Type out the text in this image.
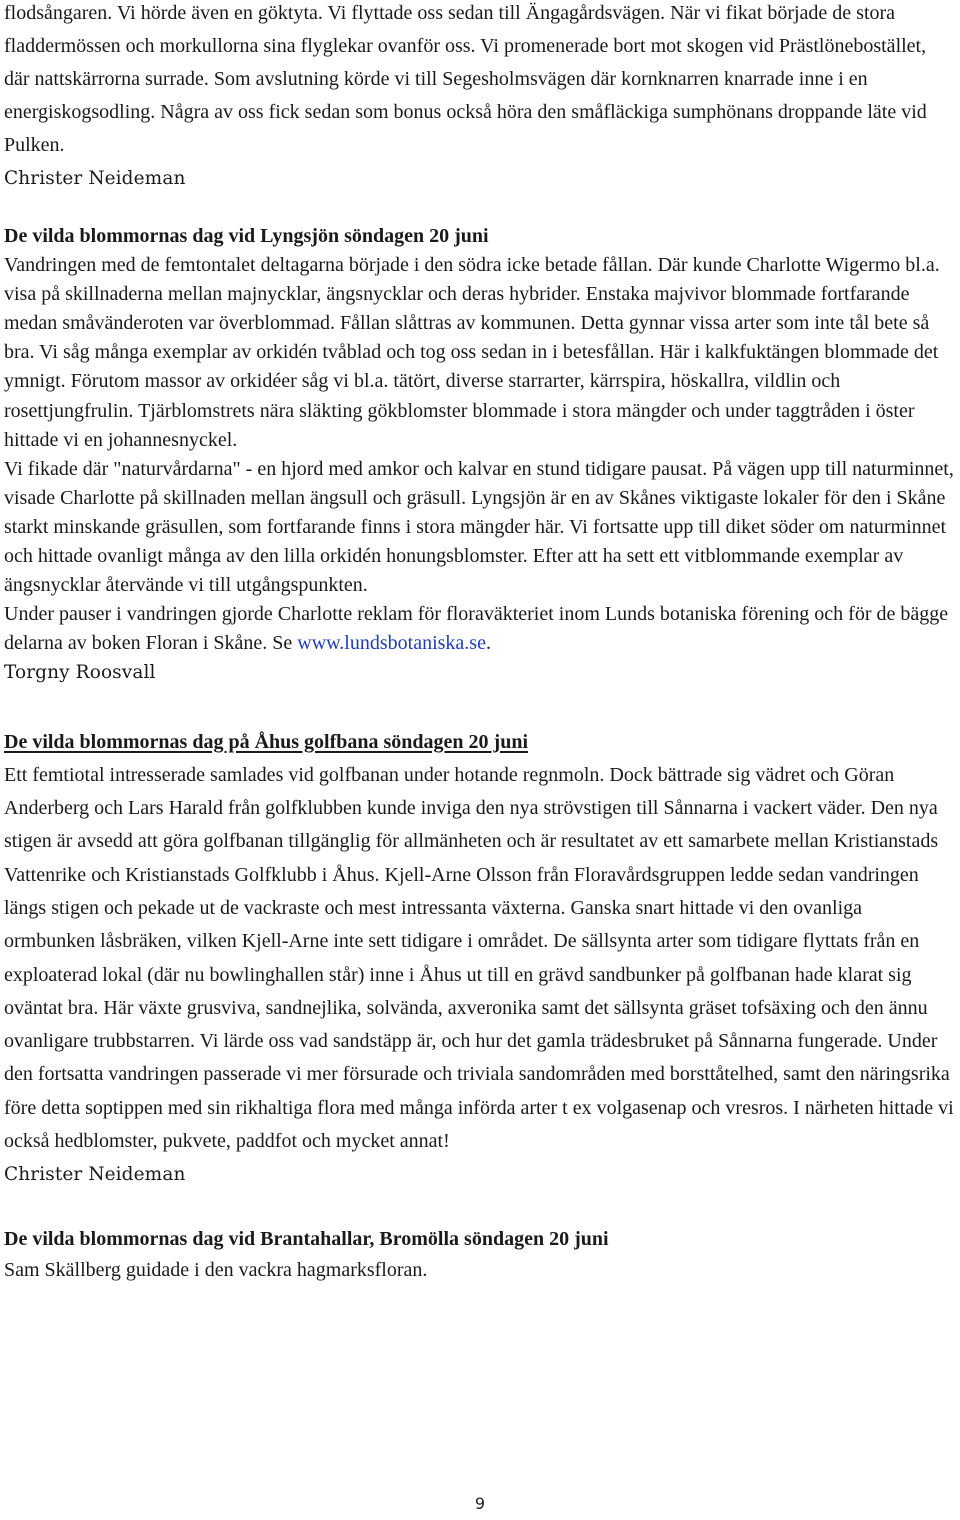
flodsångaren. Vi hörde även en göktyta. Vi flyttade oss sedan till Ängagårdsvägen. När vi fikat började de stora fladdermössen och morkullorna sina flyglekar ovanför oss. Vi promenerade bort mot skogen vid Prästlönebostället, där nattskärrorna surrade. Som avslutning körde vi till Segesholmsvägen där kornknarren knarrade inne i en energiskogsodling. Några av oss fick sedan som bonus också höra den småfläckiga sumphönans droppande läte vid Pulken.
Christer Neideman
De vilda blommornas dag vid Lyngsjön söndagen 20 juni
Vandringen med de femtontalet deltagarna började i den södra icke betade fållan. Där kunde Charlotte Wigermo bl.a. visa på skillnaderna mellan majnycklar, ängsnycklar och deras hybrider. Enstaka majvivor blommade fortfarande medan småvänderoten var överblommad. Fållan slåttras av kommunen. Detta gynnar vissa arter som inte tål bete så bra. Vi såg många exemplar av orkidén tvåblad och tog oss sedan in i betesfållan. Här i kalkfuktängen blommade det ymnigt. Förutom massor av orkidéer såg vi bl.a. tätört, diverse starrarter, kärrspira, höskallra, vildlin och rosettjungfrulin. Tjärblomstrets nära släkting gökblomster blommade i stora mängder och under taggtråden i öster hittade vi en johannesnyckel.
Vi fikade där "naturvårdarna" - en hjord med amkor och kalvar en stund tidigare pausat. På vägen upp till naturminnet, visade Charlotte på skillnaden mellan ängsull och gräsull. Lyngsjön är en av Skånes viktigaste lokaler för den i Skåne starkt minskande gräsullen, som fortfarande finns i stora mängder här. Vi fortsatte upp till diket söder om naturminnet och hittade ovanligt många av den lilla orkidén honungsblomster. Efter att ha sett ett vitblommande exemplar av ängsnycklar återvände vi till utgångspunkten.
Under pauser i vandringen gjorde Charlotte reklam för floraväkteriet inom Lunds botaniska förening och för de bägge delarna av boken Floran i Skåne. Se www.lundsbotaniska.se.
Torgny Roosvall
De vilda blommornas dag på Åhus golfbana söndagen 20 juni
Ett femtiotal intresserade samlades vid golfbanan under hotande regnmoln. Dock bättrade sig vädret och Göran Anderberg och Lars Harald från golfklubben kunde inviga den nya strövstigen till Sånnarna i vackert väder. Den nya stigen är avsedd att göra golfbanan tillgänglig för allmänheten och är resultatet av ett samarbete mellan Kristianstads Vattenrike och Kristianstads Golfklubb i Åhus. Kjell-Arne Olsson från Floravårdsgruppen ledde sedan vandringen längs stigen och pekade ut de vackraste och mest intressanta växterna. Ganska snart hittade vi den ovanliga ormbunken låsbräken, vilken Kjell-Arne inte sett tidigare i området. De sällsynta arter som tidigare flyttats från en exploaterad lokal (där nu bowlinghallen står) inne i Åhus ut till en grävd sandbunker på golfbanan hade klarat sig oväntat bra. Här växte grusviva, sandnejlika, solvända, axveronika samt det sällsynta gräset tofsäxing och den ännu ovanligare trubbstarren. Vi lärde oss vad sandstäpp är, och hur det gamla trädesbruket på Sånnarna fungerade. Under den fortsatta vandringen passerade vi mer försurade och triviala sandområden med borsttåtelhed, samt den näringsrika före detta soptippen med sin rikhaltiga flora med många införda arter t ex volgasenap och vresros. I närheten hittade vi också hedblomster, pukvete, paddfot och mycket annat!
Christer Neideman
De vilda blommornas dag vid Brantahallar, Bromölla söndagen 20 juni
Sam Skällberg guidade i den vackra hagmarksfloran.
9
